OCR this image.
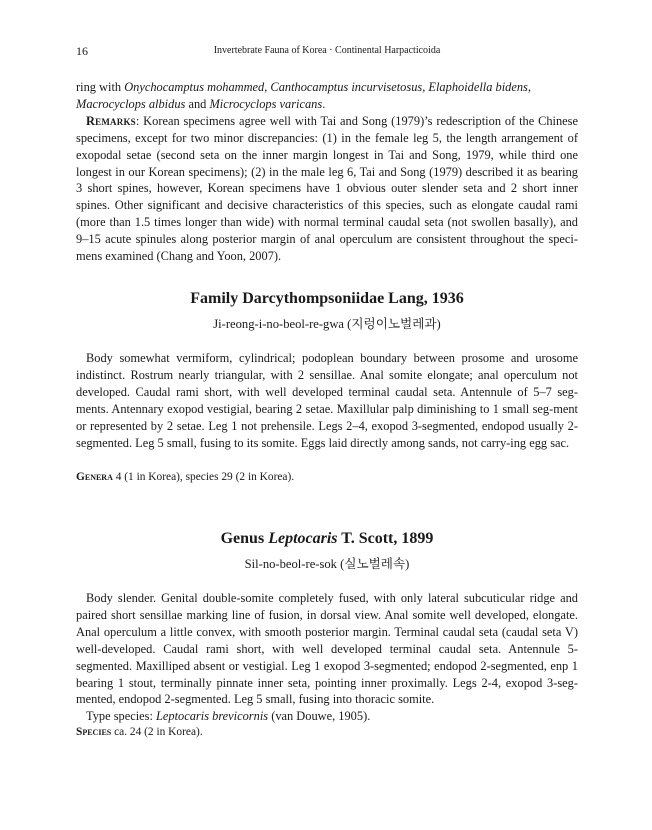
16	Invertebrate Fauna of Korea · Continental Harpacticoida

ring with Onychocamptus mohammed, Canthocamptus incurvisetosus, Elaphoidella bidens, Macrocyclops albidus and Microcyclops varicans.

Remarks: Korean specimens agree well with Tai and Song (1979)’s redescription of the Chinese specimens, except for two minor discrepancies: (1) in the female leg 5, the length arrangement of exopodal setae (second seta on the inner margin longest in Tai and Song, 1979, while third one longest in our Korean specimens); (2) in the male leg 6, Tai and Song (1979) described it as bearing 3 short spines, however, Korean specimens have 1 obvious outer slender seta and 2 short inner spines. Other significant and decisive characteristics of this species, such as elongate caudal rami (more than 1.5 times longer than wide) with normal terminal caudal seta (not swollen basally), and 9–15 acute spinules along posterior margin of anal operculum are consistent throughout the speci-mens examined (Chang and Yoon, 2007).

Family Darcythompsoniidae Lang, 1936
Ji-reong-i-no-beol-re-gwa (지렁이노벌레과)

Body somewhat vermiform, cylindrical; podoplean boundary between prosome and urosome indistinct. Rostrum nearly triangular, with 2 sensillae. Anal somite elongate; anal operculum not developed. Caudal rami short, with well developed terminal caudal seta. Antennule of 5–7 seg-ments. Antennary exopod vestigial, bearing 2 setae. Maxillular palp diminishing to 1 small seg-ment or represented by 2 setae. Leg 1 not prehensile. Legs 2–4, exopod 3-segmented, endopod usually 2-segmented. Leg 5 small, fusing to its somite. Eggs laid directly among sands, not carry-ing egg sac.

Genera 4 (1 in Korea), species 29 (2 in Korea).
Genus Leptocaris T. Scott, 1899
Sil-no-beol-re-sok (실노벌레속)

Body slender. Genital double-somite completely fused, with only lateral subcuticular ridge and paired short sensillae marking line of fusion, in dorsal view. Anal somite well developed, elongate. Anal operculum a little convex, with smooth posterior margin. Terminal caudal seta (caudal seta V) well-developed. Caudal rami short, with well developed terminal caudal seta. Antennule 5-segmented. Maxilliped absent or vestigial. Leg 1 exopod 3-segmented; endopod 2-segmented, enp 1 bearing 1 stout, terminally pinnate inner seta, pointing inner proximally. Legs 2-4, exopod 3-seg-mented, endopod 2-segmented. Leg 5 small, fusing into thoracic somite.

Type species: Leptocaris brevicornis (van Douwe, 1905).

Species ca. 24 (2 in Korea).
